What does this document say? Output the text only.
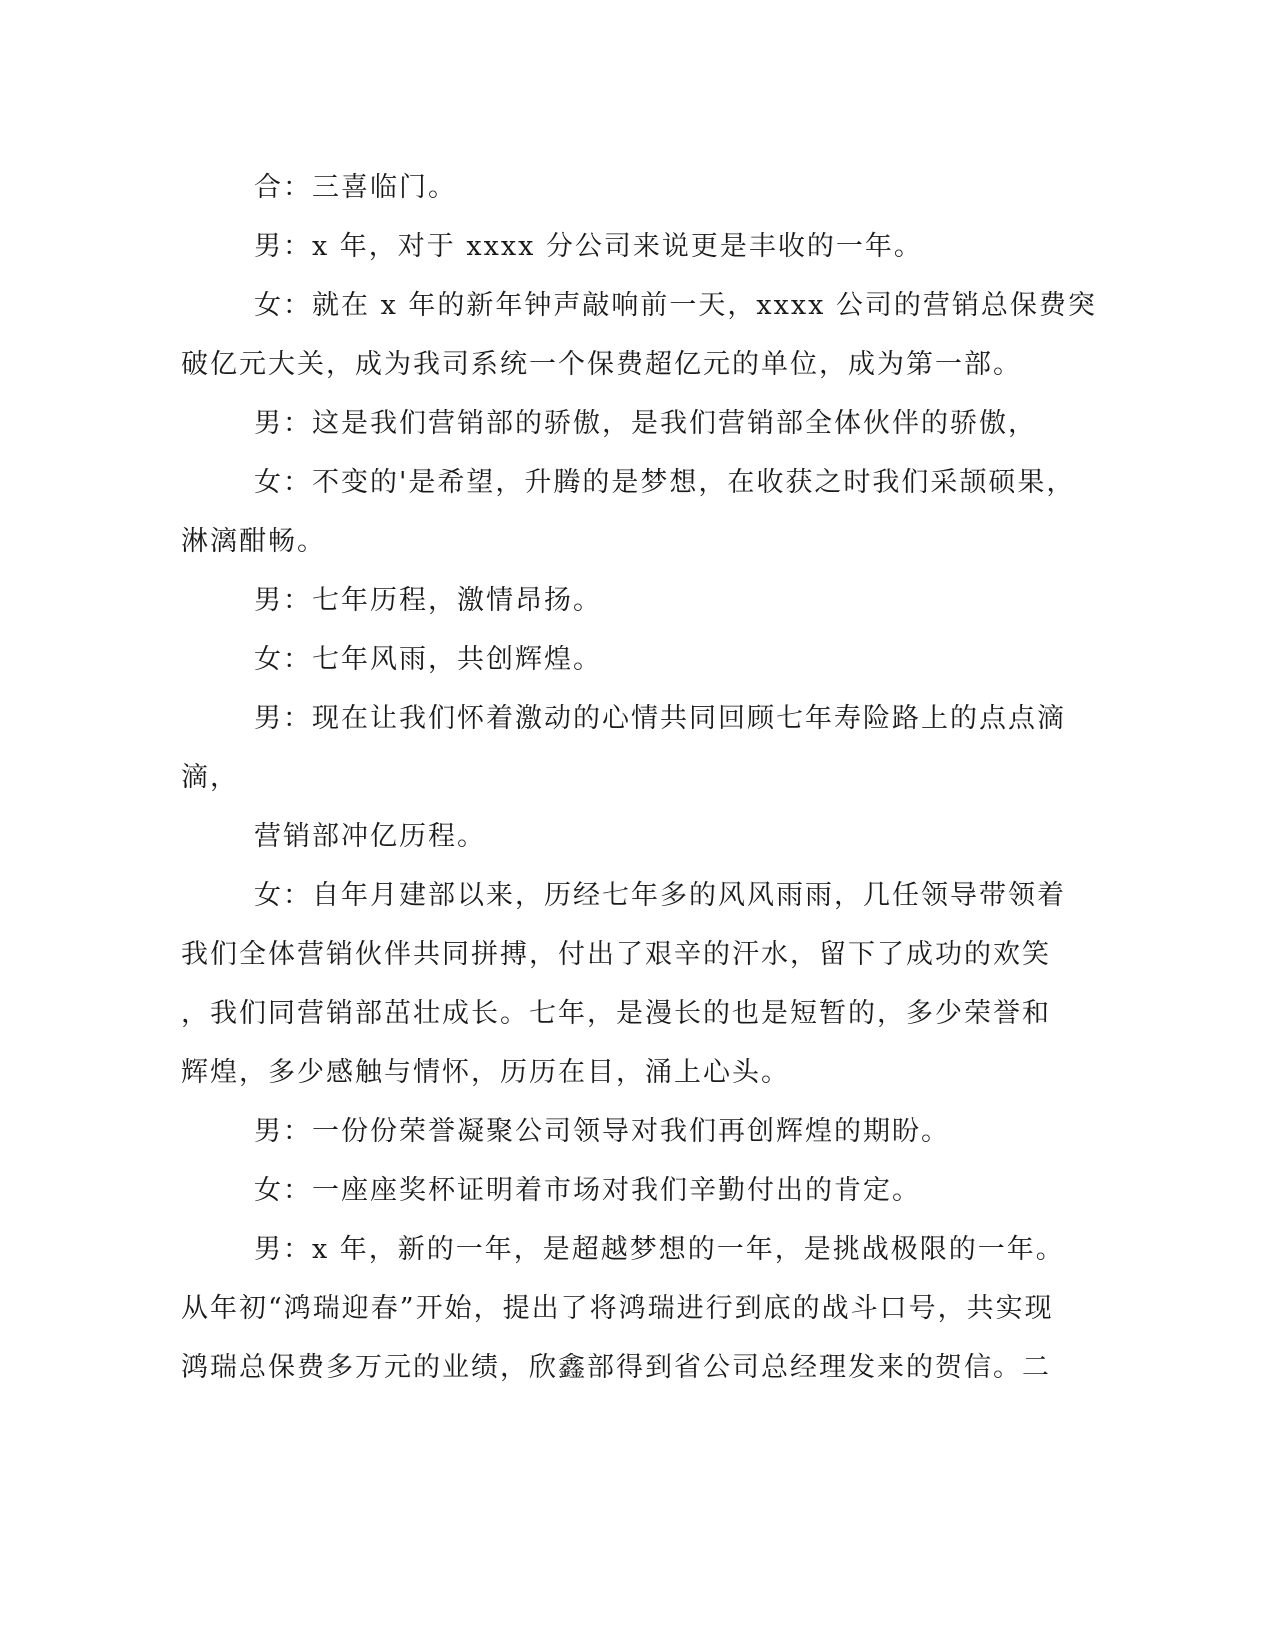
合：三喜临门。
男：x 年，对于 xxxx 分公司来说更是丰收的一年。
女：就在 x 年的新年钟声敲响前一天，xxxx 公司的营销总保费突
破亿元大关，成为我司系统一个保费超亿元的单位，成为第一部。
男：这是我们营销部的骄傲，是我们营销部全体伙伴的骄傲，
女：不变的'是希望，升腾的是梦想，在收获之时我们采颉硕果，
淋漓酣畅。
男：七年历程，激情昂扬。
女：七年风雨，共创辉煌。
男：现在让我们怀着激动的心情共同回顾七年寿险路上的点点滴
滴，
营销部冲亿历程。
女：自年月建部以来，历经七年多的风风雨雨，几任领导带领着
我们全体营销伙伴共同拼搏，付出了艰辛的汗水，留下了成功的欢笑
，我们同营销部茁壮成长。七年，是漫长的也是短暂的，多少荣誉和
辉煌，多少感触与情怀，历历在目，涌上心头。
男：一份份荣誉凝聚公司领导对我们再创辉煌的期盼。
女：一座座奖杯证明着市场对我们辛勤付出的肯定。
男：x 年，新的一年，是超越梦想的一年，是挑战极限的一年。
从年初“鸿瑞迎春”开始，提出了将鸿瑞进行到底的战斗口号，共实现
鸿瑞总保费多万元的业绩，欣鑫部得到省公司总经理发来的贺信。二
